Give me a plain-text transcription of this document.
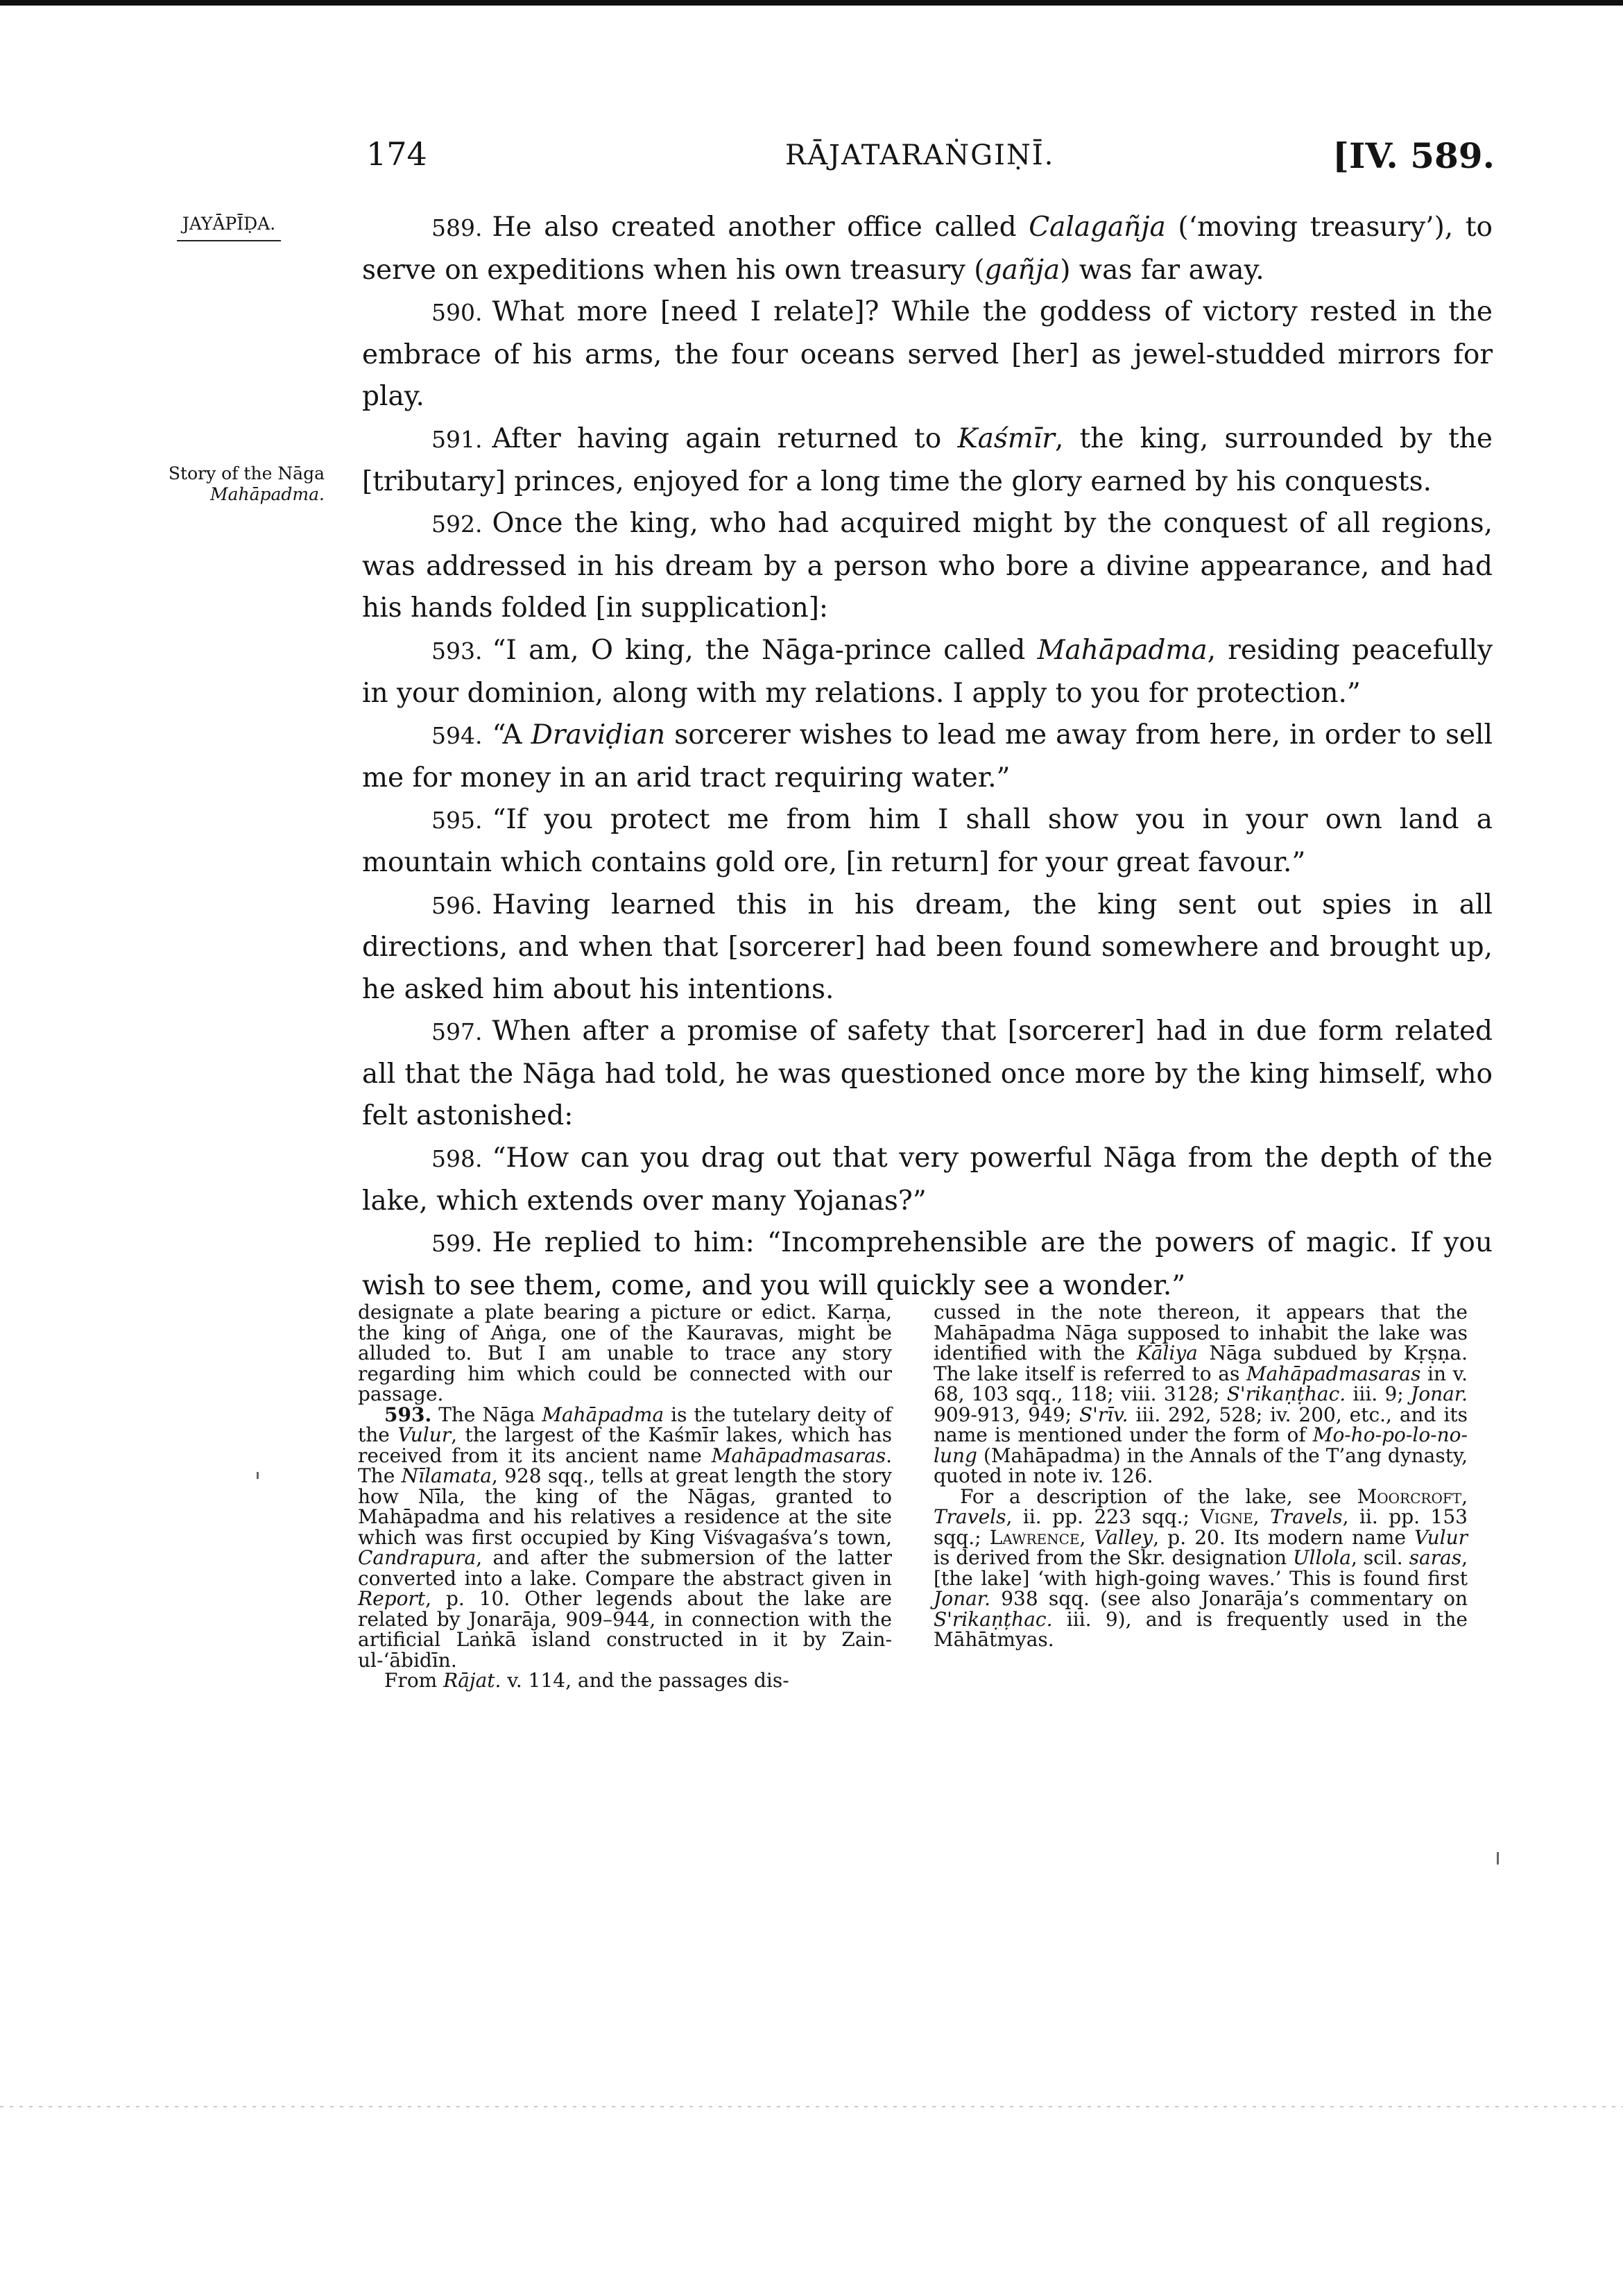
174	RĀJATARAṄGIṆĪ.	[IV. 589.
JAYĀPĪḌA.
Story of the Nāga
Mahāpadma.

589. He also created another office called Calagañja (‘moving treasury’), to serve on expeditions when his own treasury (gañja) was far away.

590. What more [need I relate]? While the goddess of victory rested in the embrace of his arms, the four oceans served [her] as jewel-studded mirrors for play.

591. After having again returned to Kaśmīr, the king, surrounded by the [tributary] princes, enjoyed for a long time the glory earned by his conquests.

592. Once the king, who had acquired might by the conquest of all regions, was addressed in his dream by a person who bore a divine appearance, and had his hands folded [in supplication]:

593. “I am, O king, the Nāga-prince called Mahāpadma, residing peacefully in your dominion, along with my relations. I apply to you for protection.”

594. “A Draviḍian sorcerer wishes to lead me away from here, in order to sell me for money in an arid tract requiring water.”

595. “If you protect me from him I shall show you in your own land a mountain which contains gold ore, [in return] for your great favour.”

596. Having learned this in his dream, the king sent out spies in all directions, and when that [sorcerer] had been found somewhere and brought up, he asked him about his intentions.

597. When after a promise of safety that [sorcerer] had in due form related all that the Nāga had told, he was questioned once more by the king himself, who felt astonished:

598. “How can you drag out that very powerful Nāga from the depth of the lake, which extends over many Yojanas?”

599. He replied to him: “Incomprehensible are the powers of magic. If you wish to see them, come, and you will quickly see a wonder.”

designate a plate bearing a picture or edict. Karṇa, the king of Aṅga, one of the Kauravas, might be alluded to. But I am unable to trace any story regarding him which could be connected with our passage.

593. The Nāga Mahāpadma is the tutelary deity of the Vulur, the largest of the Kaśmīr lakes, which has received from it its ancient name Mahāpadmasaras. The Nīlamata, 928 sqq., tells at great length the story how Nīla, the king of the Nāgas, granted to Mahāpadma and his relatives a residence at the site which was first occupied by King Viśvagaśva’s town, Candrapura, and after the submersion of the latter converted into a lake. Compare the abstract given in Report, p. 10. Other legends about the lake are related by Jonarāja, 909–944, in connection with the artificial Laṅkā island constructed in it by Zain-ul-‘ābidīn.

From Rājat. v. 114, and the passages dis-

cussed in the note thereon, it appears that the Mahāpadma Nāga supposed to inhabit the lake was identified with the Kāliya Nāga subdued by Kṛṣṇa. The lake itself is referred to as Mahāpadmasaras in v. 68, 103 sqq., 118; viii. 3128; S'rikaṇṭhac. iii. 9; Jonar. 909-913, 949; S'rīv. iii. 292, 528; iv. 200, etc., and its name is mentioned under the form of Mo-ho-po-lo-no-lung (Mahāpadma) in the Annals of the T’ang dynasty, quoted in note iv. 126.

For a description of the lake, see Moorcroft, Travels, ii. pp. 223 sqq.; Vigne, Travels, ii. pp. 153 sqq.; Lawrence, Valley, p. 20. Its modern name Vulur is derived from the Skr. designation Ullola, scil. saras, [the lake] ‘with high-going waves.’ This is found first Jonar. 938 sqq. (see also Jonarāja’s commentary on S'rikaṇṭhac. iii. 9), and is frequently used in the Māhātmyas.
